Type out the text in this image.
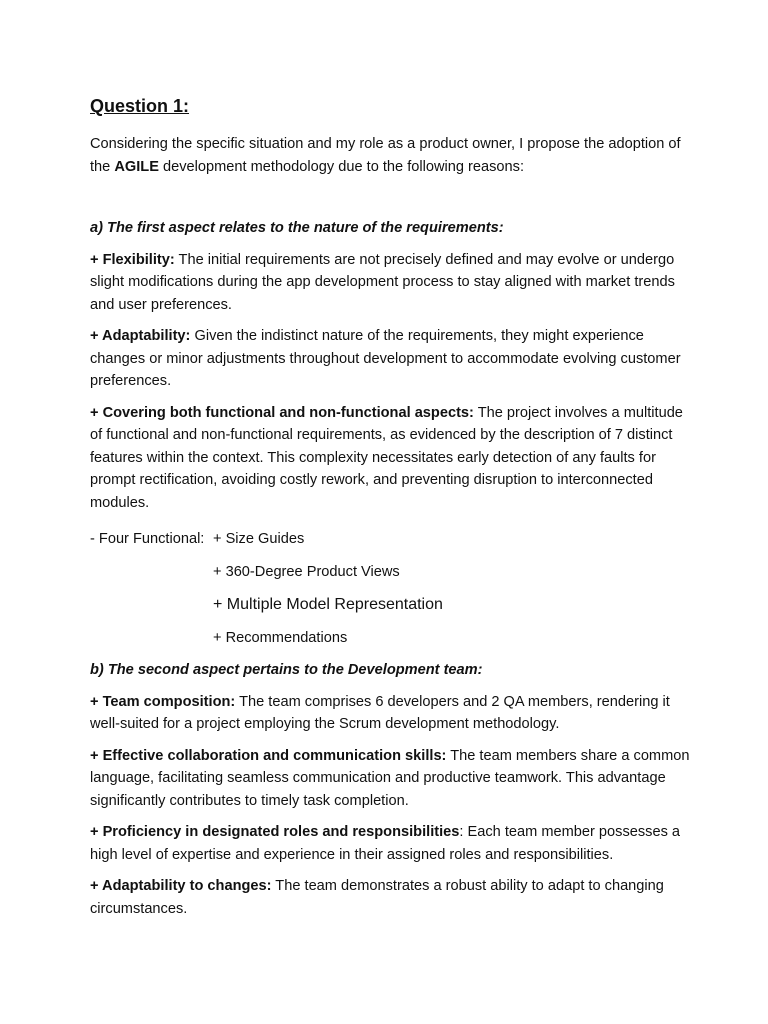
Question 1:

Considering the specific situation and my role as a product owner, I propose the adoption of the AGILE development methodology due to the following reasons:

a) The first aspect relates to the nature of the requirements:

+ Flexibility: The initial requirements are not precisely defined and may evolve or undergo slight modifications during the app development process to stay aligned with market trends and user preferences.

+ Adaptability: Given the indistinct nature of the requirements, they might experience changes or minor adjustments throughout development to accommodate evolving customer preferences.

+ Covering both functional and non-functional aspects: The project involves a multitude of functional and non-functional requirements, as evidenced by the description of 7 distinct features within the context. This complexity necessitates early detection of any faults for prompt rectification, avoiding costly rework, and preventing disruption to interconnected modules.

- Four Functional: + Size Guides
+ 360-Degree Product Views
+ Multiple Model Representation
+ Recommendations

b) The second aspect pertains to the Development team:

+ Team composition: The team comprises 6 developers and 2 QA members, rendering it well-suited for a project employing the Scrum development methodology.

+ Effective collaboration and communication skills: The team members share a common language, facilitating seamless communication and productive teamwork. This advantage significantly contributes to timely task completion.

+ Proficiency in designated roles and responsibilities: Each team member possesses a high level of expertise and experience in their assigned roles and responsibilities.

+ Adaptability to changes: The team demonstrates a robust ability to adapt to changing circumstances.
